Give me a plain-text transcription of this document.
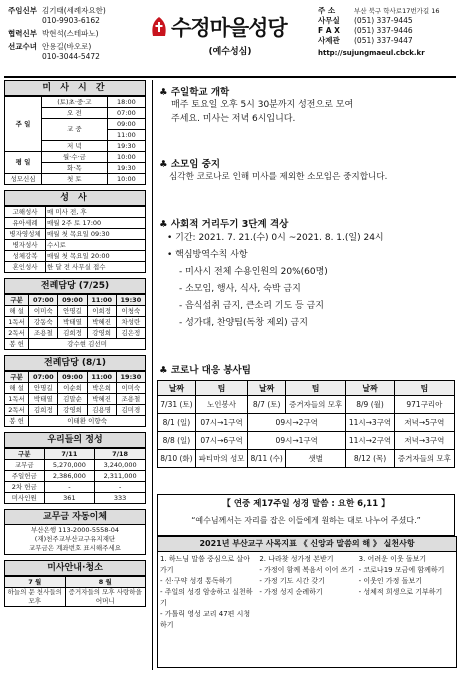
주임신부 김기태(세례자요한)
010-9903-6162
협력신부 박현석(스테파노)
선교수녀 안용길(바오로)
010-3044-5472
수정마을성당
(예수성심)
주 소	부산 북구 학사로17번가길 16
사무실	(051) 337-9445
F A X	(051) 337-9446
사제관	(051) 337-9447
http://sujungmaeul.cbck.kr
미 사 시 간
주 일	(토)초·중·고	18:00
	오 전	07:00
	교 중	09:00
		11:00
	저 녁	19:30
평 일	월·수·금	10:00
	화·목	19:30
성모신심	첫 토	10:00
성 사
고해성사	매 미사 전, 후
유아세례	매월 2주 토 17:00
병자영성체	매월 첫 목요일 09:30
병자성사	수시로
성체강복	매월 첫 목요일 20:00
혼인성사	한 달 전 사무실 접수
전례담당 (7/25)
구분	07:00	09:00	11:00	19:30
해 설	이미숙	안명길	이희정	이청숙
1독서	강동숙	박태열	박혜진	차성란
2독서	조용철	김희정	강영희	김은정
봉 헌	강수현 김선미			
전례담당 (8/1)
구분	07:00	09:00	11:00	19:30
해 설	안명길	이순희	박은희	이미숙
1독서	박태열	김말순	박혜진	조용철
2독서	김희정	강영희	김용명	김미경
봉 헌	이태환 이향숙			
우리들의 정성
구분	7/11	7/18
교무금	5,270,000	3,240,000
주일헌금	2,386,000	2,311,000
2차 헌금	-	-
미사인원	361	333
교무금 자동이체
부산은행 113-2000-5558-04
(재)천주교부산교구유지재단
교무금은 계좌번호 표시해주세요
미사안내·청소
7 월	8 월
하늘의 문 천사들의 모후	증거자들의 모후 사랑하을 어머니
♣ 주일학교 개학
매주 토요일 오후 5시 30분까지 성전으로 모여
주세요. 미사는 저녁 6시입니다.
♣ 소모임 중지
심각한 코로나로 인해 미사를 제외한 소모임은 중지합니다.
♣ 사회적 거리두기 3단계 격상
• 기간: 2021. 7. 21.(수) 0시 ~2021. 8. 1.(일) 24시
• 핵심방역수칙 사항
- 미사시 전체 수용인원의 20%(60명)
- 소모임, 행사, 식사, 숙박 금지
- 음식섭취 금지, 큰소리 기도 등 금지
- 성가대, 찬양팀(독창 제외) 금지
♣ 코로나 대응 봉사팀
날짜	팀	날짜	팀	날짜	팀
7/31 (토)	노인봉사	8/7 (토)	증거자들의 모후	8/9 (월)	971구리아
8/1 (일)	07시→1구역	09시→2구역		11시→3구역	저녁→5구역
8/8 (일)	07시→6구역	09시→1구역		11시→2구역	저녁→3구역
8/10 (화)	파티마의 성모	8/11 (수)	샛별	8/12 (목)	증거자들의 모후
【 연중 제17주일 성경 말씀 : 요한 6,11 】
“예수님께서는 자리를 잡은 이들에게 원하는 대로 나누어 주셨다.”
2021년 부산교구 사목지표 《 신앙과 말씀의 해 》 실천사항
1. 하느님 말씀 중심으로 살아가기
- 신·구약 성경 통독하기
- 주일의 성경 암송하고 실천하기
- 가톨릭 영성 교리 47편 시청하기
2. 나라찾 성가정 본받기
- 가정이 함께 복음서 이어 쓰기
- 가정 기도 시간 갖기
- 가정 성지 순례하기
3. 어려운 이웃 돌보기
- 코로나19 모금에 함께하기
- 이웃인 가정 돌보기
- 성체적 희생으로 기부하기
